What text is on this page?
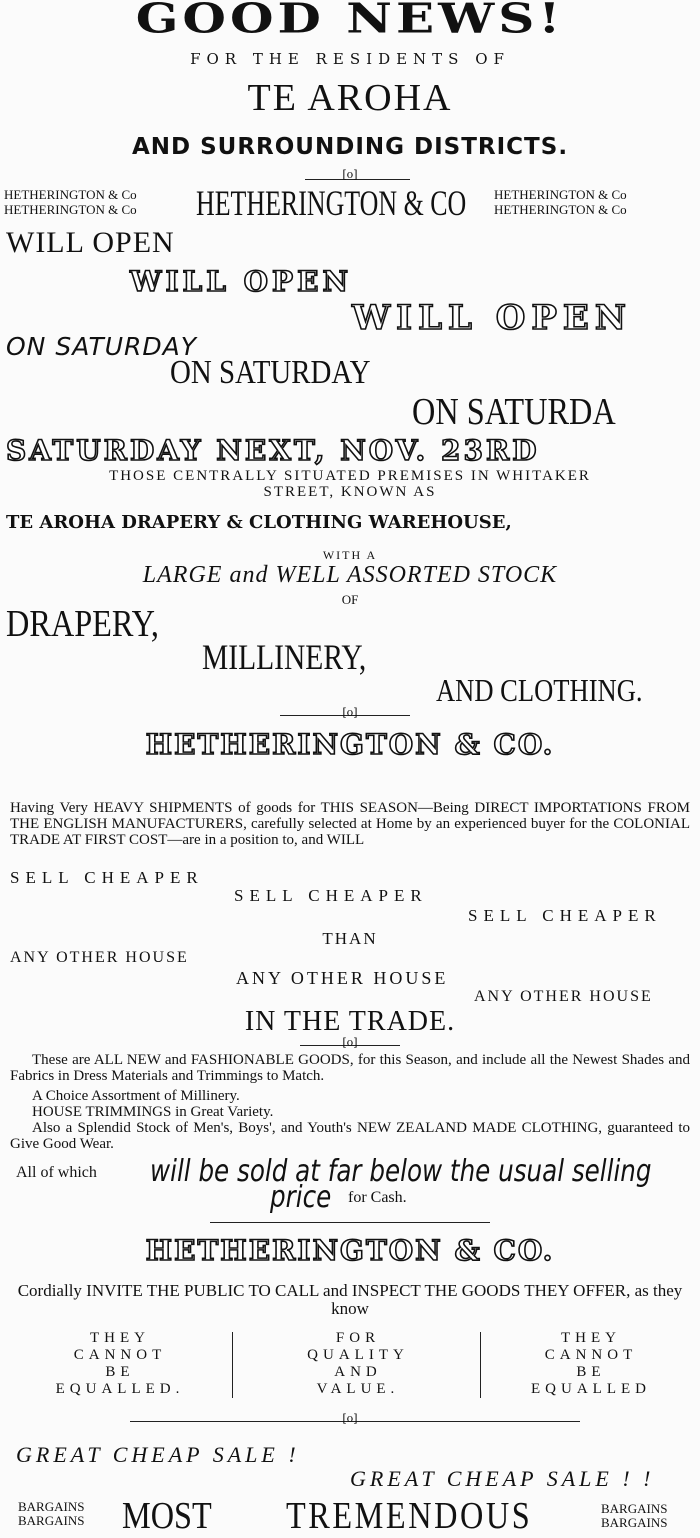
GOOD NEWS!
FOR THE RESIDENTS OF
TE AROHA
AND SURROUNDING DISTRICTS.
[o]
HETHERINGTON & Co
HETHERINGTON & Co HETHERINGTON & CO HETHERINGTON & Co
HETHERINGTON & Co
WILL OPEN
WILL OPEN
WILL OPEN
ON SATURDAY
ON SATURDAY
ON SATURDA
SATURDAY NEXT, NOV. 23RD
THOSE CENTRALLY SITUATED PREMISES IN WHITAKER
STREET, KNOWN AS
TE AROHA DRAPERY & CLOTHING WAREHOUSE,
WITH A
LARGE and WELL ASSORTED STOCK
OF
DRAPERY,
MILLINERY,
AND CLOTHING.
[o]
HETHERINGTON & CO.
Having Very HEAVY SHIPMENTS of goods for THIS SEASON—Being DIRECT IMPORTATIONS FROM THE ENGLISH MANUFACTURERS, carefully selected at Home by an experienced buyer for the COLONIAL TRADE AT FIRST COST—are in a position to, and WILL
SELL CHEAPER
SELL CHEAPER
SELL CHEAPER
THAN
ANY OTHER HOUSE
ANY OTHER HOUSE
ANY OTHER HOUSE
IN THE TRADE.
[o]
These are ALL NEW and FASHIONABLE GOODS, for this Season, and include all the Newest Shades and Fabrics in Dress Materials and Trimmings to Match.
A Choice Assortment of Millinery.
HOUSE TRIMMINGS in Great Variety.
Also a Splendid Stock of Men's, Boys', and Youth's NEW ZEALAND MADE CLOTHING, guaranteed to Give Good Wear.
All of which will be sold at far below the usual selling
price for Cash.
HETHERINGTON & CO.
Cordially INVITE THE PUBLIC TO CALL and INSPECT THE GOODS THEY OFFER, as they know
THEY
CANNOT
BE
EQUALLED.
FOR
QUALITY
AND
VALUE.
THEY
CANNOT
BE
EQUALLED
[o]
GREAT CHEAP SALE !
GREAT CHEAP SALE ! !
BARGAINS
BARGAINS MOST TREMENDOUS	BARGAINS
BARGAINS
